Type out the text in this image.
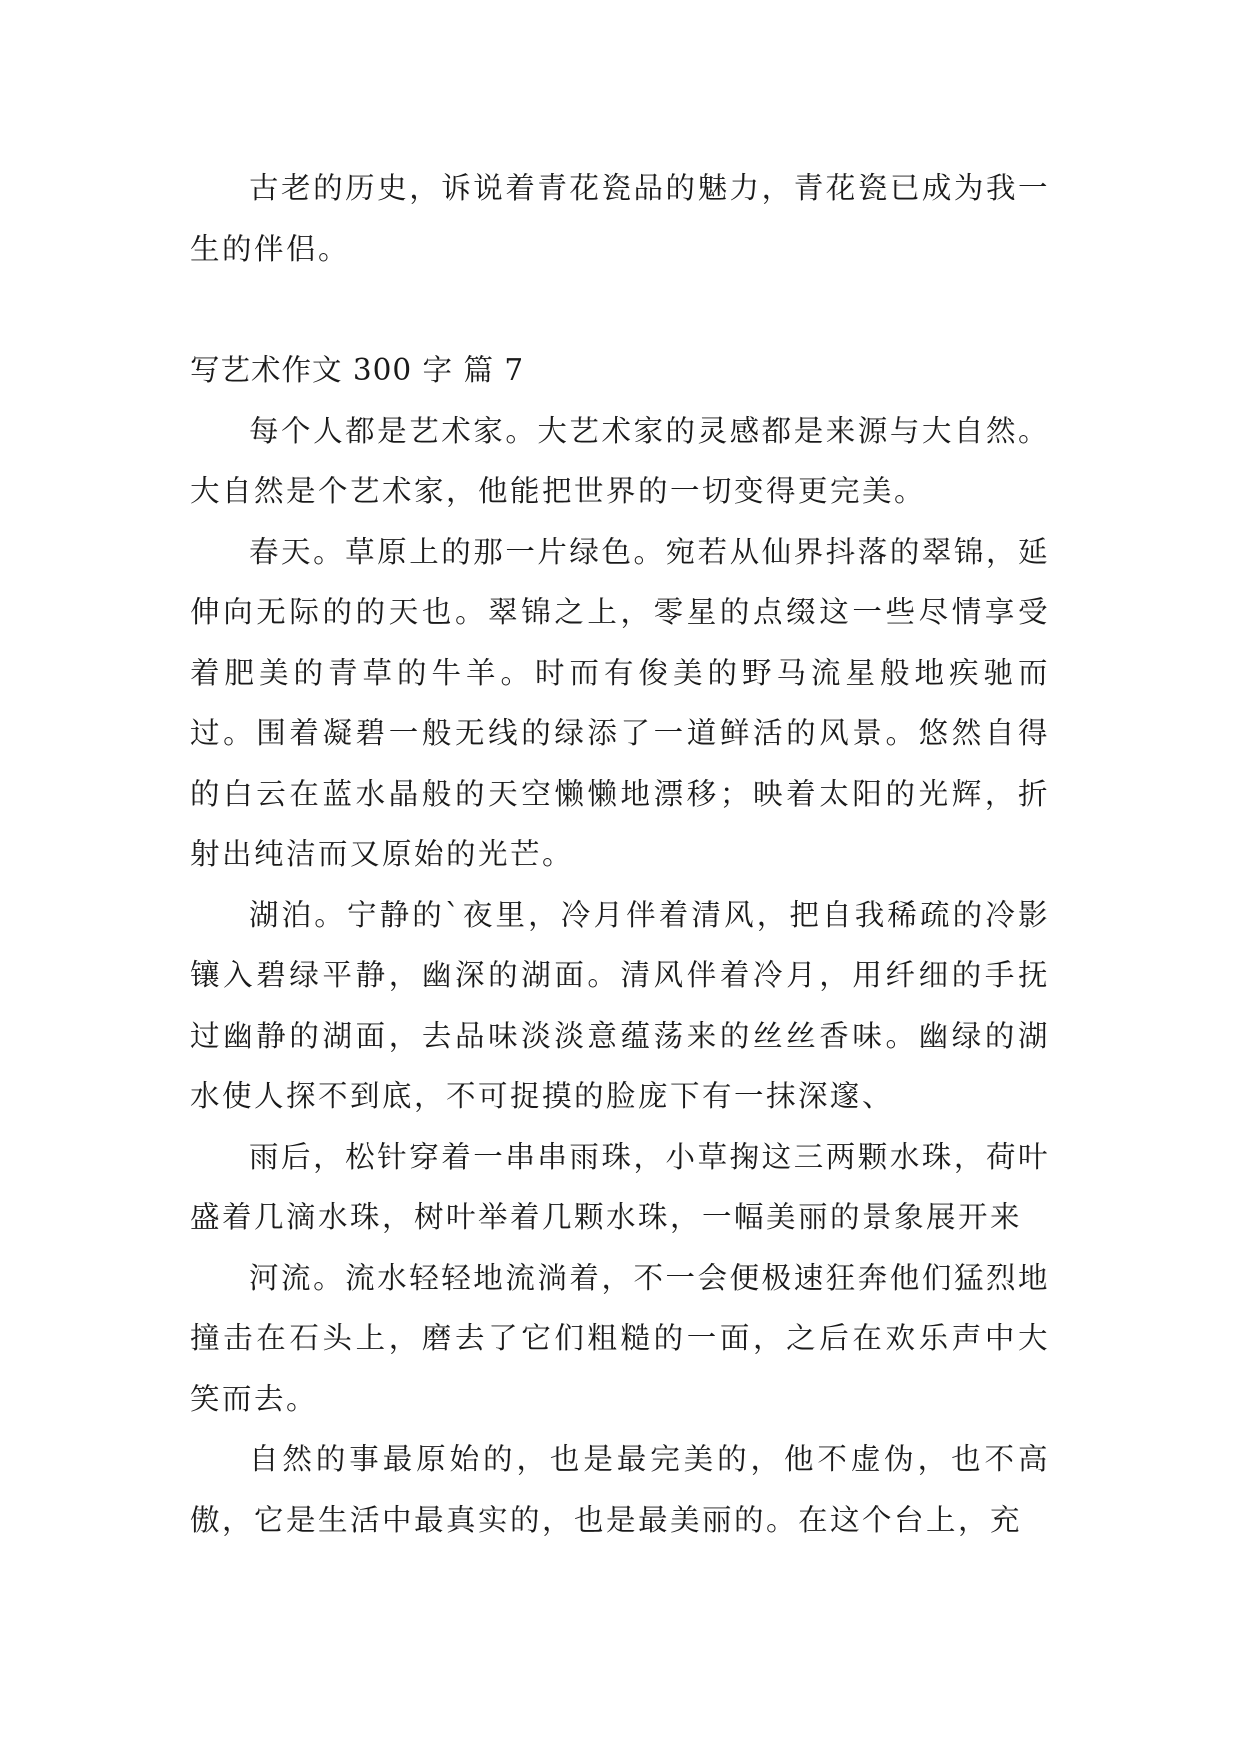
古老的历史，诉说着青花瓷品的魅力，青花瓷已成为我一生的伴侣。

写艺术作文 300 字 篇 7

每个人都是艺术家。大艺术家的灵感都是来源与大自然。大自然是个艺术家，他能把世界的一切变得更完美。

春天。草原上的那一片绿色。宛若从仙界抖落的翠锦，延伸向无际的的天也。翠锦之上，零星的点缀这一些尽情享受着肥美的青草的牛羊。时而有俊美的野马流星般地疾驰而过。围着凝碧一般无线的绿添了一道鲜活的风景。悠然自得的白云在蓝水晶般的天空懒懒地漂移；映着太阳的光辉，折射出纯洁而又原始的光芒。

湖泊。宁静的`夜里，冷月伴着清风，把自我稀疏的冷影镶入碧绿平静，幽深的湖面。清风伴着冷月，用纤细的手抚过幽静的湖面，去品味淡淡意蕴荡来的丝丝香味。幽绿的湖水使人探不到底，不可捉摸的脸庞下有一抹深邃、

雨后，松针穿着一串串雨珠，小草掬这三两颗水珠，荷叶盛着几滴水珠，树叶举着几颗水珠，一幅美丽的景象展开来

河流。流水轻轻地流淌着，不一会便极速狂奔他们猛烈地撞击在石头上，磨去了它们粗糙的一面，之后在欢乐声中大笑而去。

自然的事最原始的，也是最完美的，他不虚伪，也不高傲，它是生活中最真实的，也是最美丽的。在这个台上，充
